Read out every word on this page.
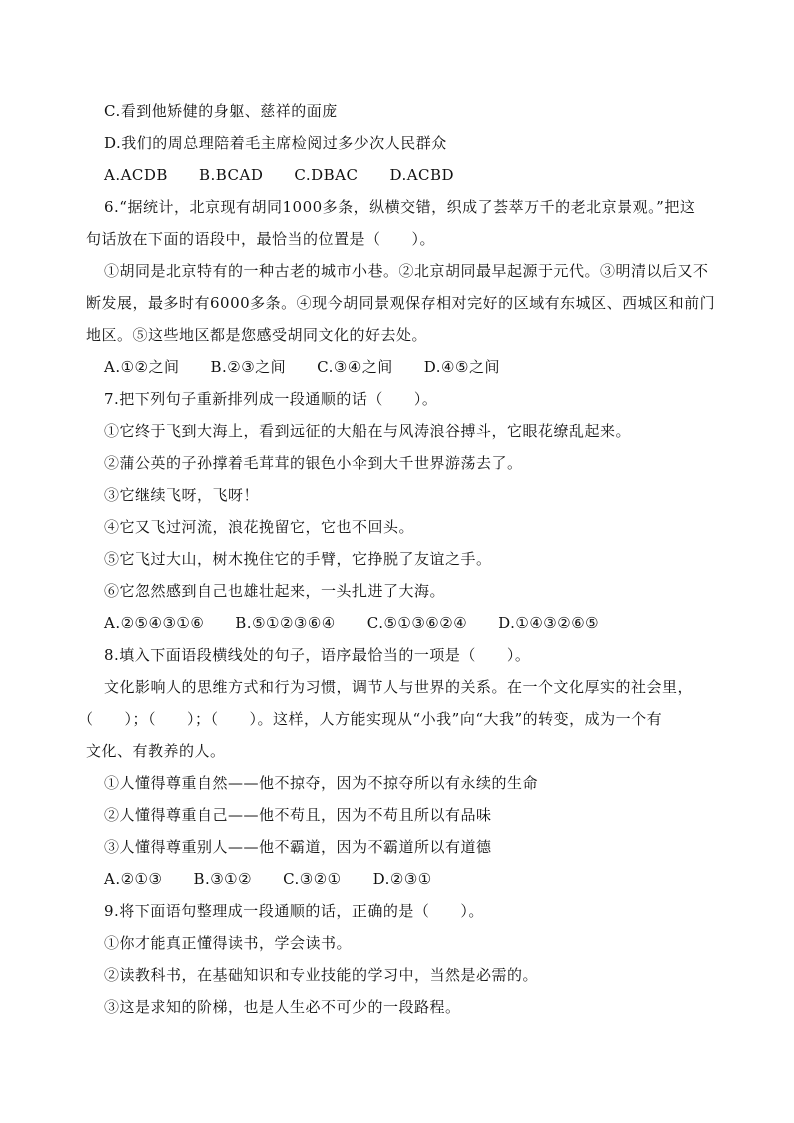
C.看到他矫健的身躯、慈祥的面庞
D.我们的周总理陪着毛主席检阅过多少次人民群众
A.ACDB　　B.BCAD　　C.DBAC　　D.ACBD
6.“据统计，北京现有胡同1000多条，纵横交错，织成了荟萃万千的老北京景观。”把这
句话放在下面的语段中，最恰当的位置是（　　）。
①胡同是北京特有的一种古老的城市小巷。②北京胡同最早起源于元代。③明清以后又不
断发展，最多时有6000多条。④现今胡同景观保存相对完好的区域有东城区、西城区和前门
地区。⑤这些地区都是您感受胡同文化的好去处。
A.①②之间　　B.②③之间　　C.③④之间　　D.④⑤之间
7.把下列句子重新排列成一段通顺的话（　　）。
①它终于飞到大海上，看到远征的大船在与风涛浪谷搏斗，它眼花缭乱起来。
②蒲公英的子孙撑着毛茸茸的银色小伞到大千世界游荡去了。
③它继续飞呀，飞呀！
④它又飞过河流，浪花挽留它，它也不回头。
⑤它飞过大山，树木挽住它的手臂，它挣脱了友谊之手。
⑥它忽然感到自己也雄壮起来，一头扎进了大海。
A.②⑤④③①⑥　　B.⑤①②③⑥④　　C.⑤①③⑥②④　　D.①④③②⑥⑤
8.填入下面语段横线处的句子，语序最恰当的一项是（　　）。
文化影响人的思维方式和行为习惯，调节人与世界的关系。在一个文化厚实的社会里，
（　　）；（　　）；（　　）。这样，人方能实现从“小我”向“大我”的转变，成为一个有
文化、有教养的人。
①人懂得尊重自然——他不掠夺，因为不掠夺所以有永续的生命
②人懂得尊重自己——他不苟且，因为不苟且所以有品味
③人懂得尊重别人——他不霸道，因为不霸道所以有道德
A.②①③　　B.③①②　　C.③②①　　D.②③①
9.将下面语句整理成一段通顺的话，正确的是（　　）。
①你才能真正懂得读书，学会读书。
②读教科书，在基础知识和专业技能的学习中，当然是必需的。
③这是求知的阶梯，也是人生必不可少的一段路程。
